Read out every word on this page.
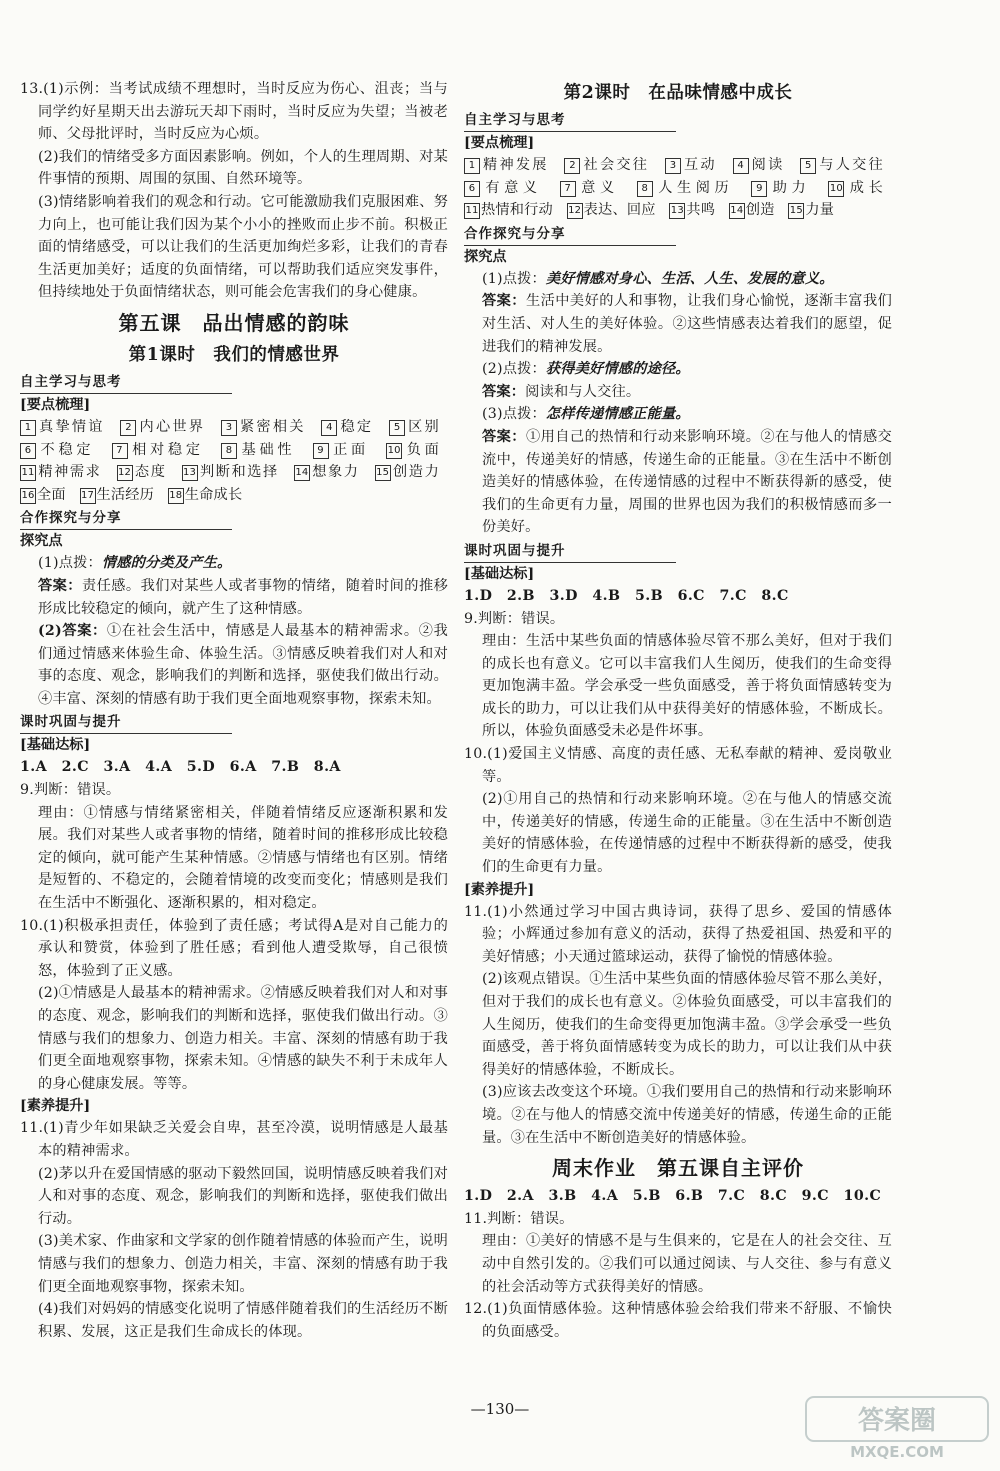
13.(1)示例：当考试成绩不理想时，当时反应为伤心、沮丧；当与同学约好星期天出去游玩天却下雨时，当时反应为失望；当被老师、父母批评时，当时反应为心烦。

(2)我们的情绪受多方面因素影响。例如，个人的生理周期、对某件事情的预期、周围的氛围、自然环境等。

(3)情绪影响着我们的观念和行动。它可能激励我们克服困难、努力向上，也可能让我们因为某个小小的挫败而止步不前。积极正面的情绪感受，可以让我们的生活更加绚烂多彩，让我们的青春生活更加美好；适度的负面情绪，可以帮助我们适应突发事件，但持续地处于负面情绪状态，则可能会危害我们的身心健康。

第五课　品出情感的韵味

第1课时　我们的情感世界

自主学习与思考

[要点梳理]

1 真挚情谊 2 内心世界 3 紧密相关 4 稳定 5 区别 6 不稳定 7 相对稳定 8 基础性 9 正面 10 负面 11 精神需求 12 态度 13 判断和选择 14 想象力 15 创造力 16 全面 17 生活经历 18 生命成长

合作探究与分享

探究点

(1)点拨：情感的分类及产生。

答案：责任感。我们对某些人或者事物的情绪，随着时间的推移形成比较稳定的倾向，就产生了这种情感。

(2)答案：①在社会生活中，情感是人最基本的精神需求。②我们通过情感来体验生命、体验生活。③情感反映着我们对人和对事的态度、观念，影响我们的判断和选择，驱使我们做出行动。④丰富、深刻的情感有助于我们更全面地观察事物，探索未知。

课时巩固与提升

[基础达标]

1.A　2.C　3.A　4.A　5.D　6.A　7.B　8.A

9.判断：错误。

理由：①情感与情绪紧密相关，伴随着情绪反应逐渐积累和发展。我们对某些人或者事物的情绪，随着时间的推移形成比较稳定的倾向，就可能产生某种情感。②情感与情绪也有区别。情绪是短暂的、不稳定的，会随着情境的改变而变化；情感则是我们在生活中不断强化、逐渐积累的，相对稳定。

10.(1)积极承担责任，体验到了责任感；考试得A是对自己能力的承认和赞赏，体验到了胜任感；看到他人遭受欺辱，自己很愤怒，体验到了正义感。

(2)①情感是人最基本的精神需求。②情感反映着我们对人和对事的态度、观念，影响我们的判断和选择，驱使我们做出行动。③情感与我们的想象力、创造力相关。丰富、深刻的情感有助于我们更全面地观察事物，探索未知。④情感的缺失不利于未成年人的身心健康发展。等等。

[素养提升]

11.(1)青少年如果缺乏关爱会自卑，甚至冷漠，说明情感是人最基本的精神需求。

(2)茅以升在爱国情感的驱动下毅然回国，说明情感反映着我们对人和对事的态度、观念，影响我们的判断和选择，驱使我们做出行动。

(3)美术家、作曲家和文学家的创作随着情感的体验而产生，说明情感与我们的想象力、创造力相关，丰富、深刻的情感有助于我们更全面地观察事物，探索未知。

(4)我们对妈妈的情感变化说明了情感伴随着我们的生活经历不断积累、发展，这正是我们生命成长的体现。

第2课时　在品味情感中成长

自主学习与思考

[要点梳理]

1 精神发展 2 社会交往 3 互动 4 阅读 5 与人交往 6 有意义 7 意义 8 人生阅历 9 助力 10 成长 11 热情和行动 12 表达、回应 13 共鸣 14 创造 15 力量

合作探究与分享

探究点

(1)点拨：美好情感对身心、生活、人生、发展的意义。

答案：生活中美好的人和事物，让我们身心愉悦，逐渐丰富我们对生活、对人生的美好体验。②这些情感表达着我们的愿望，促进我们的精神发展。

(2)点拨：获得美好情感的途径。

答案：阅读和与人交往。

(3)点拨：怎样传递情感正能量。

答案：①用自己的热情和行动来影响环境。②在与他人的情感交流中，传递美好的情感，传递生命的正能量。③在生活中不断创造美好的情感体验，在传递情感的过程中不断获得新的感受，使我们的生命更有力量，周围的世界也因为我们的积极情感而多一份美好。

课时巩固与提升

[基础达标]

1.D　2.B　3.D　4.B　5.B　6.C　7.C　8.C

9.判断：错误。

理由：生活中某些负面的情感体验尽管不那么美好，但对于我们的成长也有意义。它可以丰富我们人生阅历，使我们的生命变得更加饱满丰盈。学会承受一些负面感受，善于将负面情感转变为成长的助力，可以让我们从中获得美好的情感体验，不断成长。所以，体验负面感受未必是件坏事。

10.(1)爱国主义情感、高度的责任感、无私奉献的精神、爱岗敬业等。

(2)①用自己的热情和行动来影响环境。②在与他人的情感交流中，传递美好的情感，传递生命的正能量。③在生活中不断创造美好的情感体验，在传递情感的过程中不断获得新的感受，使我们的生命更有力量。

[素养提升]

11.(1)小然通过学习中国古典诗词，获得了思乡、爱国的情感体验；小辉通过参加有意义的活动，获得了热爱祖国、热爱和平的美好情感；小天通过篮球运动，获得了愉悦的情感体验。

(2)该观点错误。①生活中某些负面的情感体验尽管不那么美好，但对于我们的成长也有意义。②体验负面感受，可以丰富我们的人生阅历，使我们的生命变得更加饱满丰盈。③学会承受一些负面感受，善于将负面情感转变为成长的助力，可以让我们从中获得美好的情感体验，不断成长。

(3)应该去改变这个环境。①我们要用自己的热情和行动来影响环境。②在与他人的情感交流中传递美好的情感，传递生命的正能量。③在生活中不断创造美好的情感体验。

周末作业　第五课自主评价

1.D　2.A　3.B　4.A　5.B　6.B　7.C　8.C　9.C　10.C

11.判断：错误。

理由：①美好的情感不是与生俱来的，它是在人的社会交往、互动中自然引发的。②我们可以通过阅读、与人交往、参与有意义的社会活动等方式获得美好的情感。

12.(1)负面情感体验。这种情感体验会给我们带来不舒服、不愉快的负面感受。

—130—	答案圈
MXQE.COM
